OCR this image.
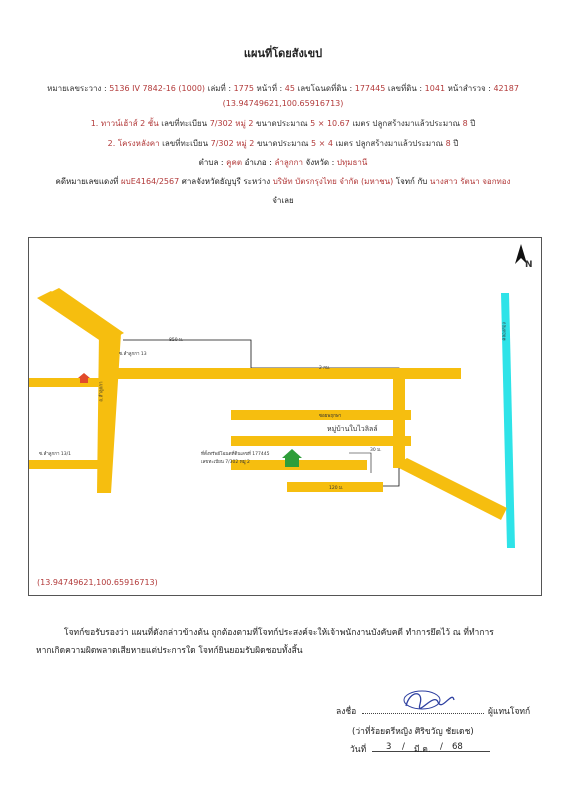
แผนที่โดยสังเขป
หมายเลขระวาง : 5136 IV 7842-16 (1000) เล่มที่ : 1775 หน้าที่ : 45 เลขโฉนดที่ดิน : 177445 เลขที่ดิน : 1041 หน้าสำรวจ : 42187
(13.94749621,100.65916713)
1. ทาวน์เฮ้าส์ 2 ชั้น เลขที่ทะเบียน 7/302 หมู่ 2 ขนาดประมาณ 5 × 10.67 เมตร ปลูกสร้างมาแล้วประมาณ 8 ปี
2. โครงหลังคา เลขที่ทะเบียน 7/302 หมู่ 2 ขนาดประมาณ 5 × 4 เมตร ปลูกสร้างมาแล้วประมาณ 8 ปี
ตำบล : คูคต อำเภอ : ลำลูกกา จังหวัด : ปทุมธานี
คดีหมายเลขแดงที่ ผบE4164/2567 ศาลจังหวัดธัญบุรี ระหว่าง บริษัท บัตรกรุงไทย จำกัด (มหาชน) โจทก์ กับ นางสาว รัตนา จอกทอง
จำเลย
N
ซ.ลำลูกกา 13
ซ.ลำลูกกา 13/1
ถ.ลำลูกกา
คลองสอง
850 ม.
2 กม.
30 ม.
120 ม.
ซอยพฤกษา
หมู่บ้านใบไวลิลล์
ที่ตั้งทรัพย์โฉนดที่ดินเลขที่ 177445
เลขทะเบียน 7/302 หมู่ 2
(13.94749621,100.65916713)
โจทก์ขอรับรองว่า แผนที่ดังกล่าวข้างต้น ถูกต้องตามที่โจทก์ประสงค์จะให้เจ้าพนักงานบังคับคดี ทำการยึดไว้ ณ ที่ทำการ
หากเกิดความผิดพลาดเสียหายแต่ประการใด โจทก์ยินยอมรับผิดชอบทั้งสิ้น
ลงชื่อ	ผู้แทนโจทก์
(ว่าที่ร้อยตรีหญิง ศิริขวัญ ชัยเดช)
วันที่ 3 / มี.ค. / 68
